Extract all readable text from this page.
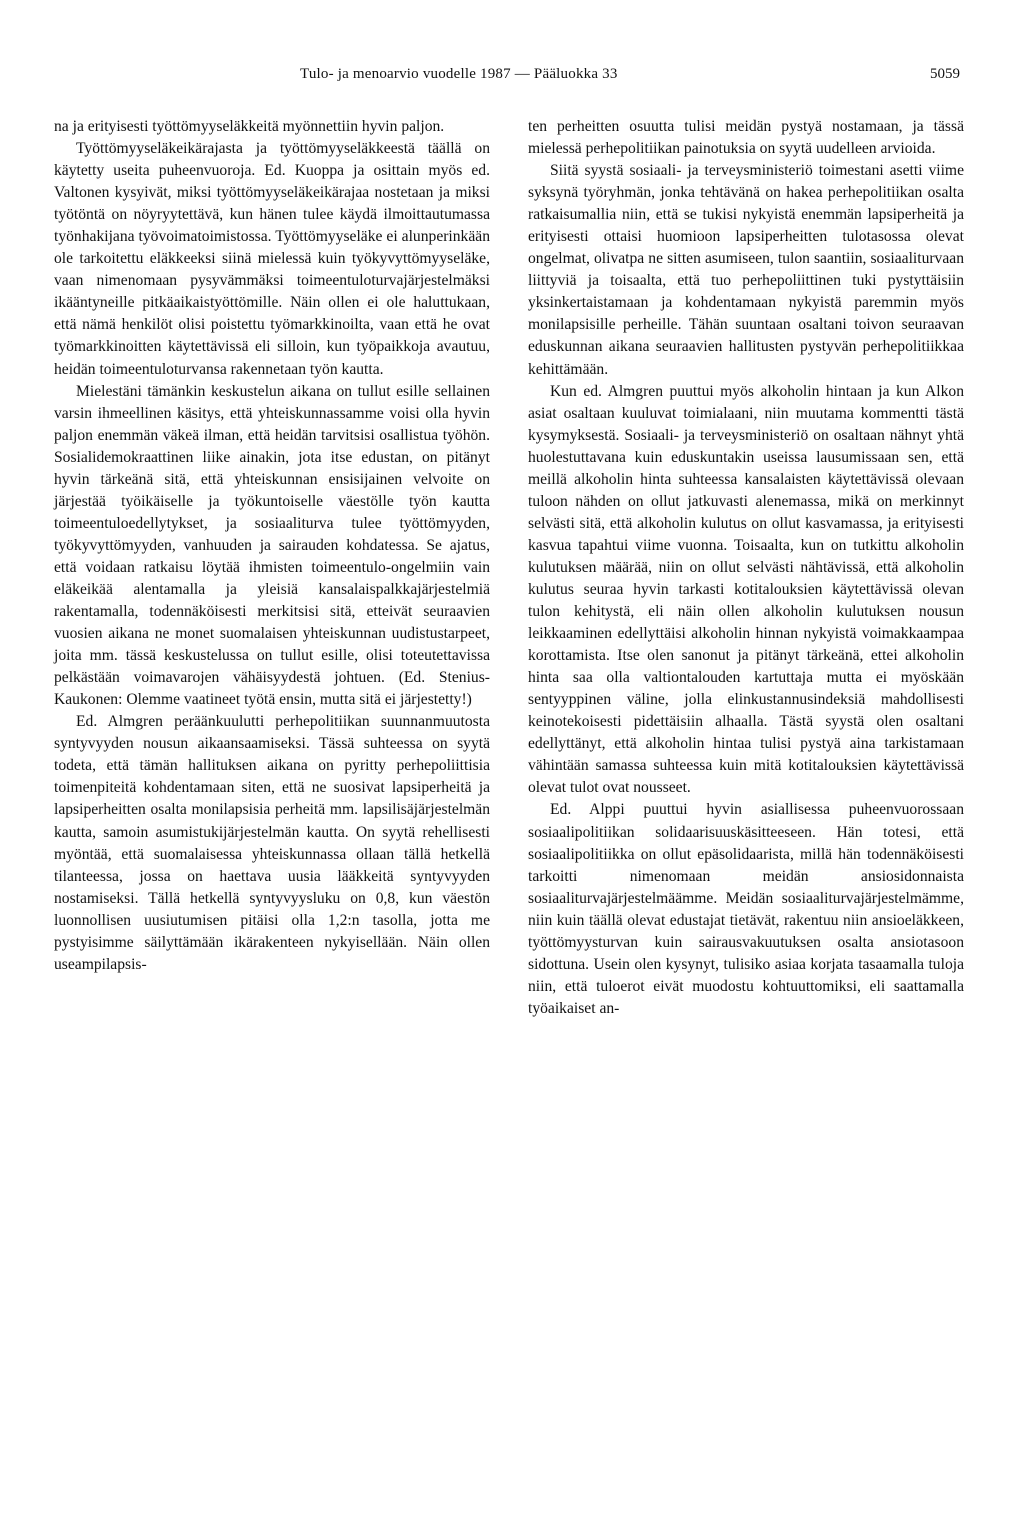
Tulo- ja menoarvio vuodelle 1987 — Pääluokka 33	5059

na ja erityisesti työttömyyseläkkeitä myönnettiin hyvin paljon.

Työttömyyseläkeikärajasta ja työttömyyseläkkeestä täällä on käytetty useita puheenvuoroja. Ed. Kuoppa ja osittain myös ed. Valtonen kysyivät, miksi työttömyyseläkeikärajaa nostetaan ja miksi työtöntä on nöyryytettävä, kun hänen tulee käydä ilmoittautumassa työnhakijana työvoimatoimistossa. Työttömyyseläke ei alunperinkään ole tarkoitettu eläkkeeksi siinä mielessä kuin työkyvyttömyyseläke, vaan nimenomaan pysyvämmäksi toimeentuloturvajärjestelmäksi ikääntyneille pitkäaikaistyöttömille. Näin ollen ei ole haluttukaan, että nämä henkilöt olisi poistettu työmarkkinoilta, vaan että he ovat työmarkkinoitten käytettävissä eli silloin, kun työpaikkoja avautuu, heidän toimeentuloturvansa rakennetaan työn kautta.

Mielestäni tämänkin keskustelun aikana on tullut esille sellainen varsin ihmeellinen käsitys, että yhteiskunnassamme voisi olla hyvin paljon enemmän väkeä ilman, että heidän tarvitsisi osallistua työhön. Sosialidemokraattinen liike ainakin, jota itse edustan, on pitänyt hyvin tärkeänä sitä, että yhteiskunnan ensisijainen velvoite on järjestää työikäiselle ja työkuntoiselle väestölle työn kautta toimeentuloedellytykset, ja sosiaaliturva tulee työttömyyden, työkyvyttömyyden, vanhuuden ja sairauden kohdatessa. Se ajatus, että voidaan ratkaisu löytää ihmisten toimeentulo-ongelmiin vain eläkeikää alentamalla ja yleisiä kansalaispalkkajärjestelmiä rakentamalla, todennäköisesti merkitsisi sitä, etteivät seuraavien vuosien aikana ne monet suomalaisen yhteiskunnan uudistustarpeet, joita mm. tässä keskustelussa on tullut esille, olisi toteutettavissa pelkästään voimavarojen vähäisyydestä johtuen. (Ed. Stenius-Kaukonen: Olemme vaatineet työtä ensin, mutta sitä ei järjestetty!)

Ed. Almgren peräänkuulutti perhepolitiikan suunnanmuutosta syntyvyyden nousun aikaansaamiseksi. Tässä suhteessa on syytä todeta, että tämän hallituksen aikana on pyritty perhepoliittisia toimenpiteitä kohdentamaan siten, että ne suosivat lapsiperheitä ja lapsiperheitten osalta monilapsisia perheitä mm. lapsilisäjärjestelmän kautta, samoin asumistukijärjestelmän kautta. On syytä rehellisesti myöntää, että suomalaisessa yhteiskunnassa ollaan tällä hetkellä tilanteessa, jossa on haettava uusia lääkkeitä syntyvyyden nostamiseksi. Tällä hetkellä syntyvyysluku on 0,8, kun väestön luonnollisen uusiutumisen pitäisi olla 1,2:n tasolla, jotta me pystyisimme säilyttämään ikärakenteen nykyisellään. Näin ollen useampilapsis-

ten perheitten osuutta tulisi meidän pystyä nostamaan, ja tässä mielessä perhepolitiikan painotuksia on syytä uudelleen arvioida.

Siitä syystä sosiaali- ja terveysministeriö toimestani asetti viime syksynä työryhmän, jonka tehtävänä on hakea perhepolitiikan osalta ratkaisumallia niin, että se tukisi nykyistä enemmän lapsiperheitä ja erityisesti ottaisi huomioon lapsiperheitten tulotasossa olevat ongelmat, olivatpa ne sitten asumiseen, tulon saantiin, sosiaaliturvaan liittyviä ja toisaalta, että tuo perhepoliittinen tuki pystyttäisiin yksinkertaistamaan ja kohdentamaan nykyistä paremmin myös monilapsisille perheille. Tähän suuntaan osaltani toivon seuraavan eduskunnan aikana seuraavien hallitusten pystyvän perhepolitiikkaa kehittämään.

Kun ed. Almgren puuttui myös alkoholin hintaan ja kun Alkon asiat osaltaan kuuluvat toimialaani, niin muutama kommentti tästä kysymyksestä. Sosiaali- ja terveysministeriö on osaltaan nähnyt yhtä huolestuttavana kuin eduskuntakin useissa lausumissaan sen, että meillä alkoholin hinta suhteessa kansalaisten käytettävissä olevaan tuloon nähden on ollut jatkuvasti alenemassa, mikä on merkinnyt selvästi sitä, että alkoholin kulutus on ollut kasvamassa, ja erityisesti kasvua tapahtui viime vuonna. Toisaalta, kun on tutkittu alkoholin kulutuksen määrää, niin on ollut selvästi nähtävissä, että alkoholin kulutus seuraa hyvin tarkasti kotitalouksien käytettävissä olevan tulon kehitystä, eli näin ollen alkoholin kulutuksen nousun leikkaaminen edellyttäisi alkoholin hinnan nykyistä voimakkaampaa korottamista. Itse olen sanonut ja pitänyt tärkeänä, ettei alkoholin hinta saa olla valtiontalouden kartuttaja mutta ei myöskään sentyyppinen väline, jolla elinkustannusindeksiä mahdollisesti keinotekoisesti pidettäisiin alhaalla. Tästä syystä olen osaltani edellyttänyt, että alkoholin hintaa tulisi pystyä aina tarkistamaan vähintään samassa suhteessa kuin mitä kotitalouksien käytettävissä olevat tulot ovat nousseet.

Ed. Alppi puuttui hyvin asiallisessa puheenvuorossaan sosiaalipolitiikan solidaarisuuskäsitteeseen. Hän totesi, että sosiaalipolitiikka on ollut epäsolidaarista, millä hän todennäköisesti tarkoitti nimenomaan meidän ansiosidonnaista sosiaaliturvajärjestelmäämme. Meidän sosiaaliturvajärjestelmämme, niin kuin täällä olevat edustajat tietävät, rakentuu niin ansioeläkkeen, työttömyysturvan kuin sairausvakuutuksen osalta ansiotasoon sidottuna. Usein olen kysynyt, tulisiko asiaa korjata tasaamalla tuloja niin, että tuloerot eivät muodostu kohtuuttomiksi, eli saattamalla työaikaiset an-
